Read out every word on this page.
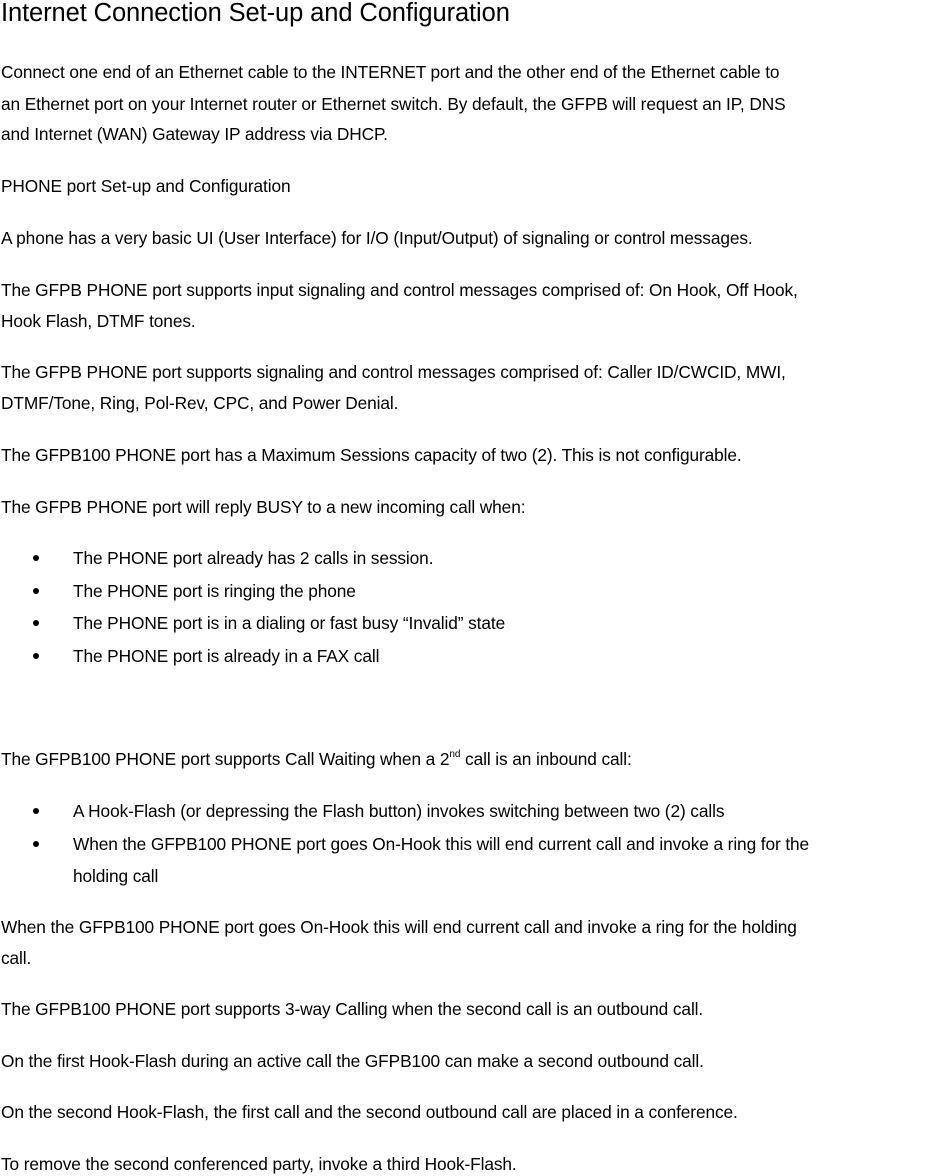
Internet Connection Set-up and Configuration
Connect one end of an Ethernet cable to the INTERNET port and the other end of the Ethernet cable to
an Ethernet port on your Internet router or Ethernet switch. By default, the GFPB will request an IP, DNS
and Internet (WAN) Gateway IP address via DHCP.
PHONE port Set-up and Configuration
A phone has a very basic UI (User Interface) for I/O (Input/Output) of signaling or control messages.
The GFPB PHONE port supports input signaling and control messages comprised of: On Hook, Off Hook,
Hook Flash, DTMF tones.
The GFPB PHONE port supports signaling and control messages comprised of: Caller ID/CWCID, MWI,
DTMF/Tone, Ring, Pol-Rev, CPC, and Power Denial.
The GFPB100 PHONE port has a Maximum Sessions capacity of two (2). This is not configurable.
The GFPB PHONE port will reply BUSY to a new incoming call when:
The PHONE port already has 2 calls in session.
The PHONE port is ringing the phone
The PHONE port is in a dialing or fast busy “Invalid” state
The PHONE port is already in a FAX call
The GFPB100 PHONE port supports Call Waiting when a 2nd call is an inbound call:
A Hook-Flash (or depressing the Flash button) invokes switching between two (2) calls
When the GFPB100 PHONE port goes On-Hook this will end current call and invoke a ring for the
holding call
When the GFPB100 PHONE port goes On-Hook this will end current call and invoke a ring for the holding
call.
The GFPB100 PHONE port supports 3-way Calling when the second call is an outbound call.
On the first Hook-Flash during an active call the GFPB100 can make a second outbound call.
On the second Hook-Flash, the first call and the second outbound call are placed in a conference.
To remove the second conferenced party, invoke a third Hook-Flash.
